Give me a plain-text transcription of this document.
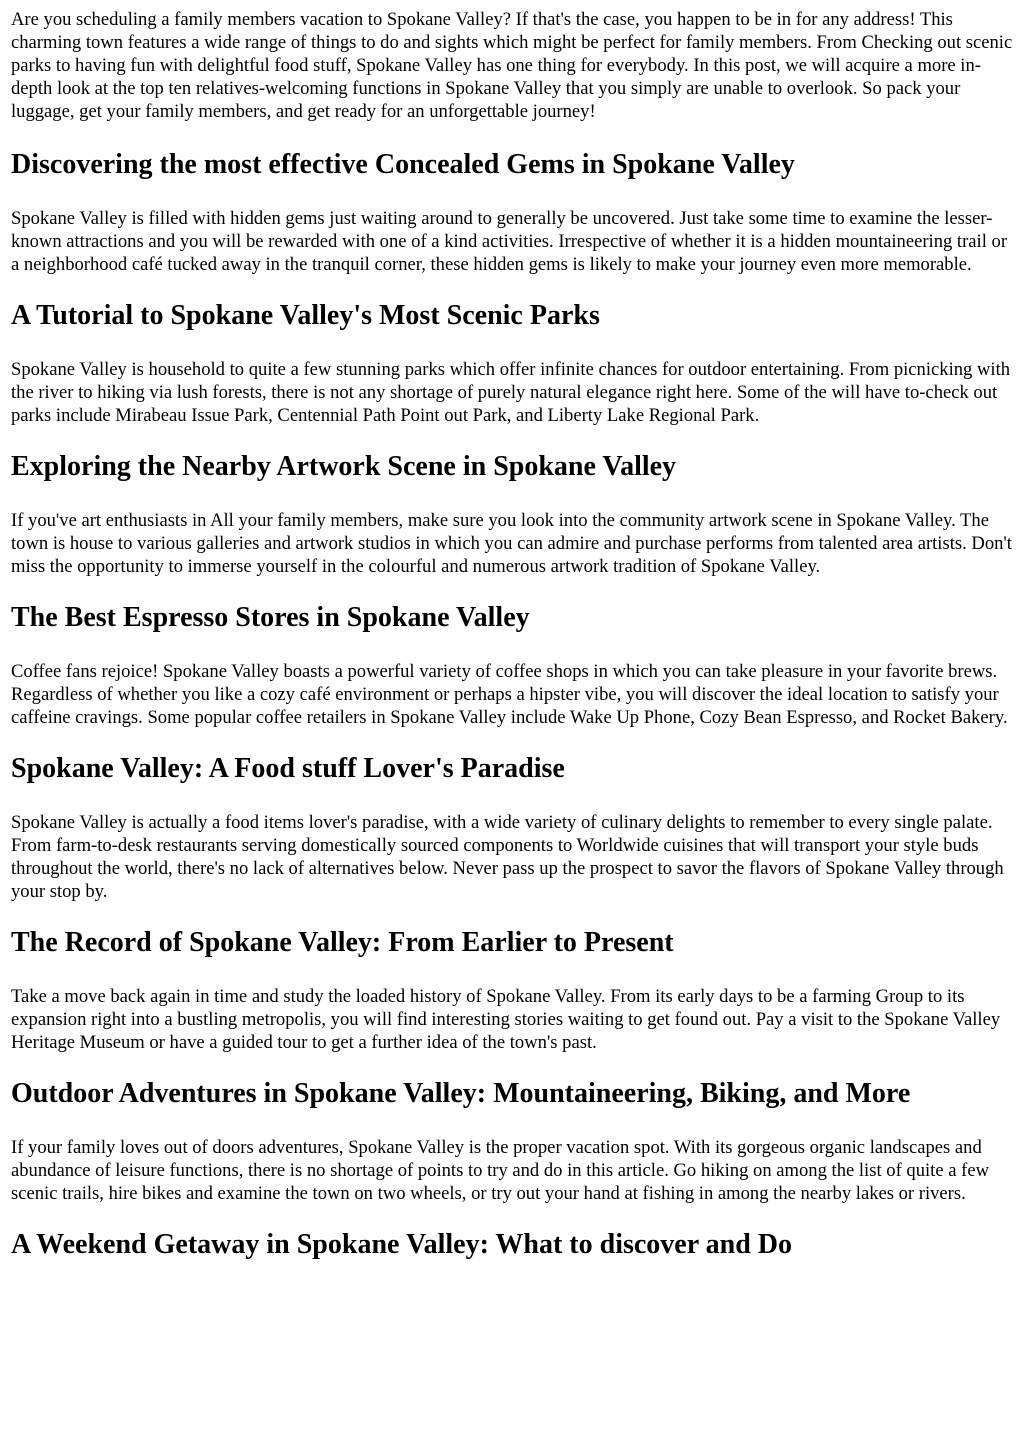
Are you scheduling a family members vacation to Spokane Valley? If that's the case, you happen to be in for any address! This charming town features a wide range of things to do and sights which might be perfect for family members. From Checking out scenic parks to having fun with delightful food stuff, Spokane Valley has one thing for everybody. In this post, we will acquire a more in-depth look at the top ten relatives-welcoming functions in Spokane Valley that you simply are unable to overlook. So pack your luggage, get your family members, and get ready for an unforgettable journey!

Discovering the most effective Concealed Gems in Spokane Valley

Spokane Valley is filled with hidden gems just waiting around to generally be uncovered. Just take some time to examine the lesser-known attractions and you will be rewarded with one of a kind activities. Irrespective of whether it is a hidden mountaineering trail or a neighborhood café tucked away in the tranquil corner, these hidden gems is likely to make your journey even more memorable.

A Tutorial to Spokane Valley's Most Scenic Parks

Spokane Valley is household to quite a few stunning parks which offer infinite chances for outdoor entertaining. From picnicking with the river to hiking via lush forests, there is not any shortage of purely natural elegance right here. Some of the will have to-check out parks include Mirabeau Issue Park, Centennial Path Point out Park, and Liberty Lake Regional Park.

Exploring the Nearby Artwork Scene in Spokane Valley

If you've art enthusiasts in All your family members, make sure you look into the community artwork scene in Spokane Valley. The town is house to various galleries and artwork studios in which you can admire and purchase performs from talented area artists. Don't miss the opportunity to immerse yourself in the colourful and numerous artwork tradition of Spokane Valley.

The Best Espresso Stores in Spokane Valley

Coffee fans rejoice! Spokane Valley boasts a powerful variety of coffee shops in which you can take pleasure in your favorite brews. Regardless of whether you like a cozy café environment or perhaps a hipster vibe, you will discover the ideal location to satisfy your caffeine cravings. Some popular coffee retailers in Spokane Valley include Wake Up Phone, Cozy Bean Espresso, and Rocket Bakery.

Spokane Valley: A Food stuff Lover's Paradise

Spokane Valley is actually a food items lover's paradise, with a wide variety of culinary delights to remember to every single palate. From farm-to-desk restaurants serving domestically sourced components to Worldwide cuisines that will transport your style buds throughout the world, there's no lack of alternatives below. Never pass up the prospect to savor the flavors of Spokane Valley through your stop by.

The Record of Spokane Valley: From Earlier to Present

Take a move back again in time and study the loaded history of Spokane Valley. From its early days to be a farming Group to its expansion right into a bustling metropolis, you will find interesting stories waiting to get found out. Pay a visit to the Spokane Valley Heritage Museum or have a guided tour to get a further idea of the town's past.

Outdoor Adventures in Spokane Valley: Mountaineering, Biking, and More

If your family loves out of doors adventures, Spokane Valley is the proper vacation spot. With its gorgeous organic landscapes and abundance of leisure functions, there is no shortage of points to try and do in this article. Go hiking on among the list of quite a few scenic trails, hire bikes and examine the town on two wheels, or try out your hand at fishing in among the nearby lakes or rivers.

A Weekend Getaway in Spokane Valley: What to discover and Do
